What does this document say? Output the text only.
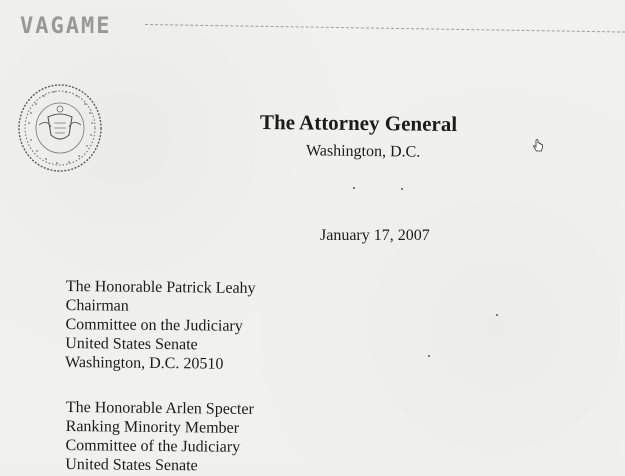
VAGAME
The Attorney General
Washington, D.C.
January 17, 2007
The Honorable Patrick Leahy
Chairman
Committee on the Judiciary
United States Senate
Washington, D.C. 20510
The Honorable Arlen Specter
Ranking Minority Member
Committee of the Judiciary
United States Senate
